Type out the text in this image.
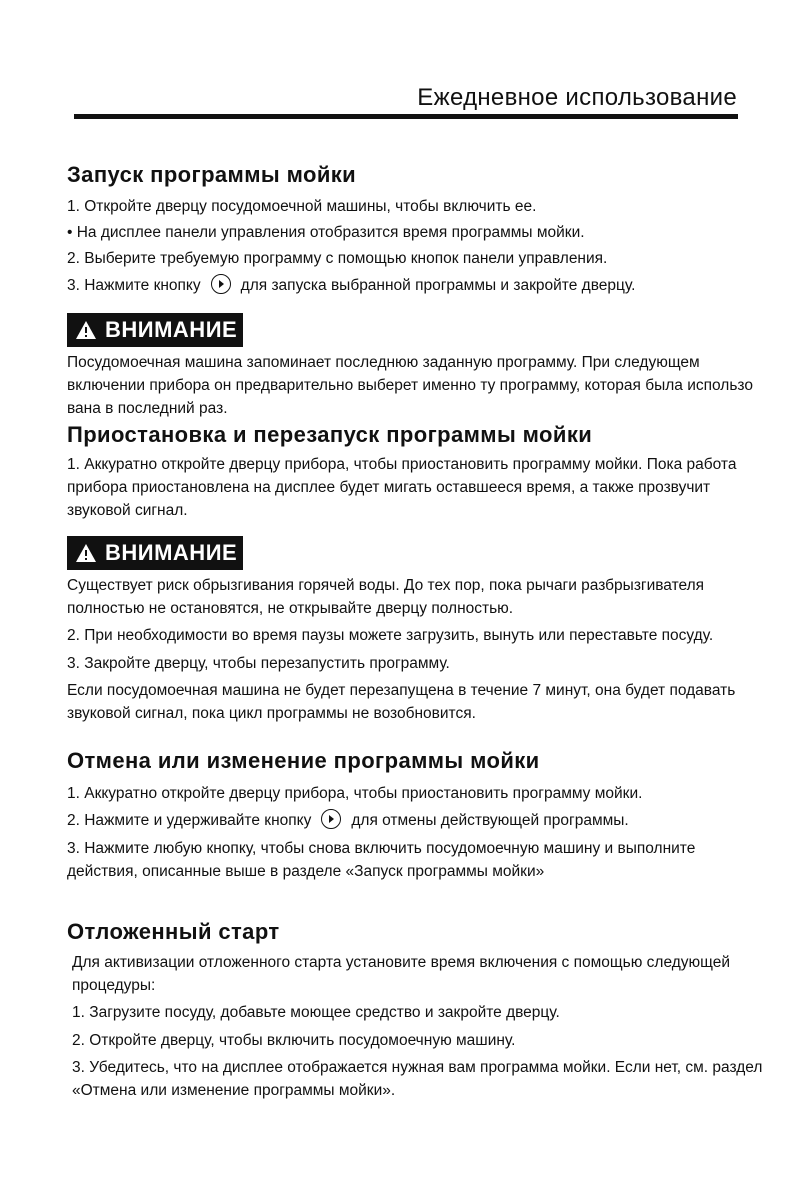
Ежедневное использование
Запуск программы мойки
1. Откройте дверцу посудомоечной машины, чтобы включить ее.
• На дисплее панели управления отобразится время программы мойки.
2. Выберите требуемую программу с помощью кнопок панели управления.
3. Нажмите кнопку	для запуска выбранной программы и закройте дверцу.
ВНИМАНИЕ
Посудомоечная машина запоминает последнюю заданную программу. При следующем
включении прибора он предварительно выберет именно ту программу, которая была использо
вана в последний раз.
Приостановка и перезапуск программы мойки
1. Аккуратно откройте дверцу прибора, чтобы приостановить программу мойки. Пока работа
прибора приостановлена на дисплее будет мигать оставшееся время, а также прозвучит
звуковой сигнал.
ВНИМАНИЕ
Существует риск обрызгивания горячей воды. До тех пор, пока рычаги разбрызгивателя
полностью не остановятся, не открывайте дверцу полностью.
2. При необходимости во время паузы можете загрузить, вынуть или переставьте посуду.
3. Закройте дверцу, чтобы перезапустить программу.
Если посудомоечная машина не будет перезапущена в течение 7 минут, она будет подавать
звуковой сигнал, пока цикл программы не возобновится.
Отмена или изменение программы мойки
1. Аккуратно откройте дверцу прибора, чтобы приостановить программу мойки.
2. Нажмите и удерживайте кнопку	для отмены действующей программы.
3. Нажмите любую кнопку, чтобы снова включить посудомоечную машину и выполните
действия, описанные выше в разделе «Запуск программы мойки»
Отложенный старт
Для активизации отложенного старта установите время включения с помощью следующей
процедуры:
1. Загрузите посуду, добавьте моющее средство и закройте дверцу.
2. Откройте дверцу, чтобы включить посудомоечную машину.
3. Убедитесь, что на дисплее отображается нужная вам программа мойки. Если нет, см. раздел
«Отмена или изменение программы мойки».
